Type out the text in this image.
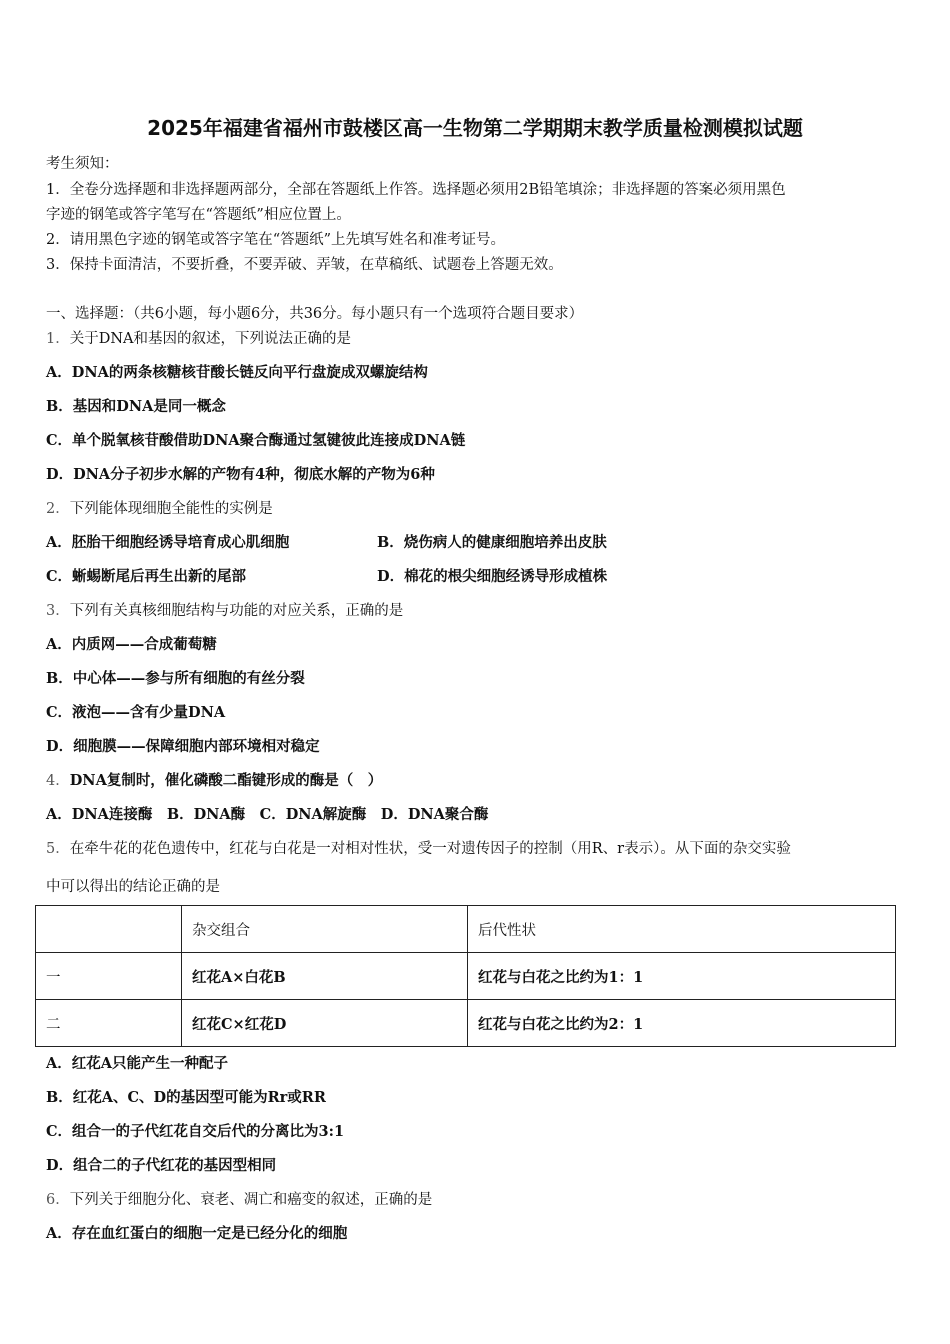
2025年福建省福州市鼓楼区高一生物第二学期期末教学质量检测模拟试题
考生须知：
1．全卷分选择题和非选择题两部分，全部在答题纸上作答。选择题必须用2B铅笔填涂；非选择题的答案必须用黑色
字迹的钢笔或答字笔写在“答题纸”相应位置上。
2．请用黑色字迹的钢笔或答字笔在“答题纸”上先填写姓名和准考证号。
3．保持卡面清洁，不要折叠，不要弄破、弄皱，在草稿纸、试题卷上答题无效。
一、选择题：（共6小题，每小题6分，共36分。每小题只有一个选项符合题目要求）
1．关于DNA和基因的叙述，下列说法正确的是
A．DNA的两条核糖核苷酸长链反向平行盘旋成双螺旋结构
B．基因和DNA是同一概念
C．单个脱氧核苷酸借助DNA聚合酶通过氢键彼此连接成DNA链
D．DNA分子初步水解的产物有4种，彻底水解的产物为6种
2．下列能体现细胞全能性的实例是
A．胚胎干细胞经诱导培育成心肌细胞	B．烧伤病人的健康细胞培养出皮肤
C．蜥蜴断尾后再生出新的尾部	D．棉花的根尖细胞经诱导形成植株
3．下列有关真核细胞结构与功能的对应关系，正确的是
A．内质网——合成葡萄糖
B．中心体——参与所有细胞的有丝分裂
C．液泡——含有少量DNA
D．细胞膜——保障细胞内部环境相对稳定
4．DNA复制时，催化磷酸二酯键形成的酶是（　）
A．DNA连接酶　B．DNA酶　C．DNA解旋酶　D．DNA聚合酶
5．在牵牛花的花色遗传中，红花与白花是一对相对性状，受一对遗传因子的控制（用R、r表示）。从下面的杂交实验
中可以得出的结论正确的是
	杂交组合	后代性状
一	红花A×白花B	红花与白花之比约为1：1
二	红花C×红花D	红花与白花之比约为2：1
A．红花A只能产生一种配子
B．红花A、C、D的基因型可能为Rr或RR
C．组合一的子代红花自交后代的分离比为3:1
D．组合二的子代红花的基因型相同
6．下列关于细胞分化、衰老、凋亡和癌变的叙述，正确的是
A．存在血红蛋白的细胞一定是已经分化的细胞
